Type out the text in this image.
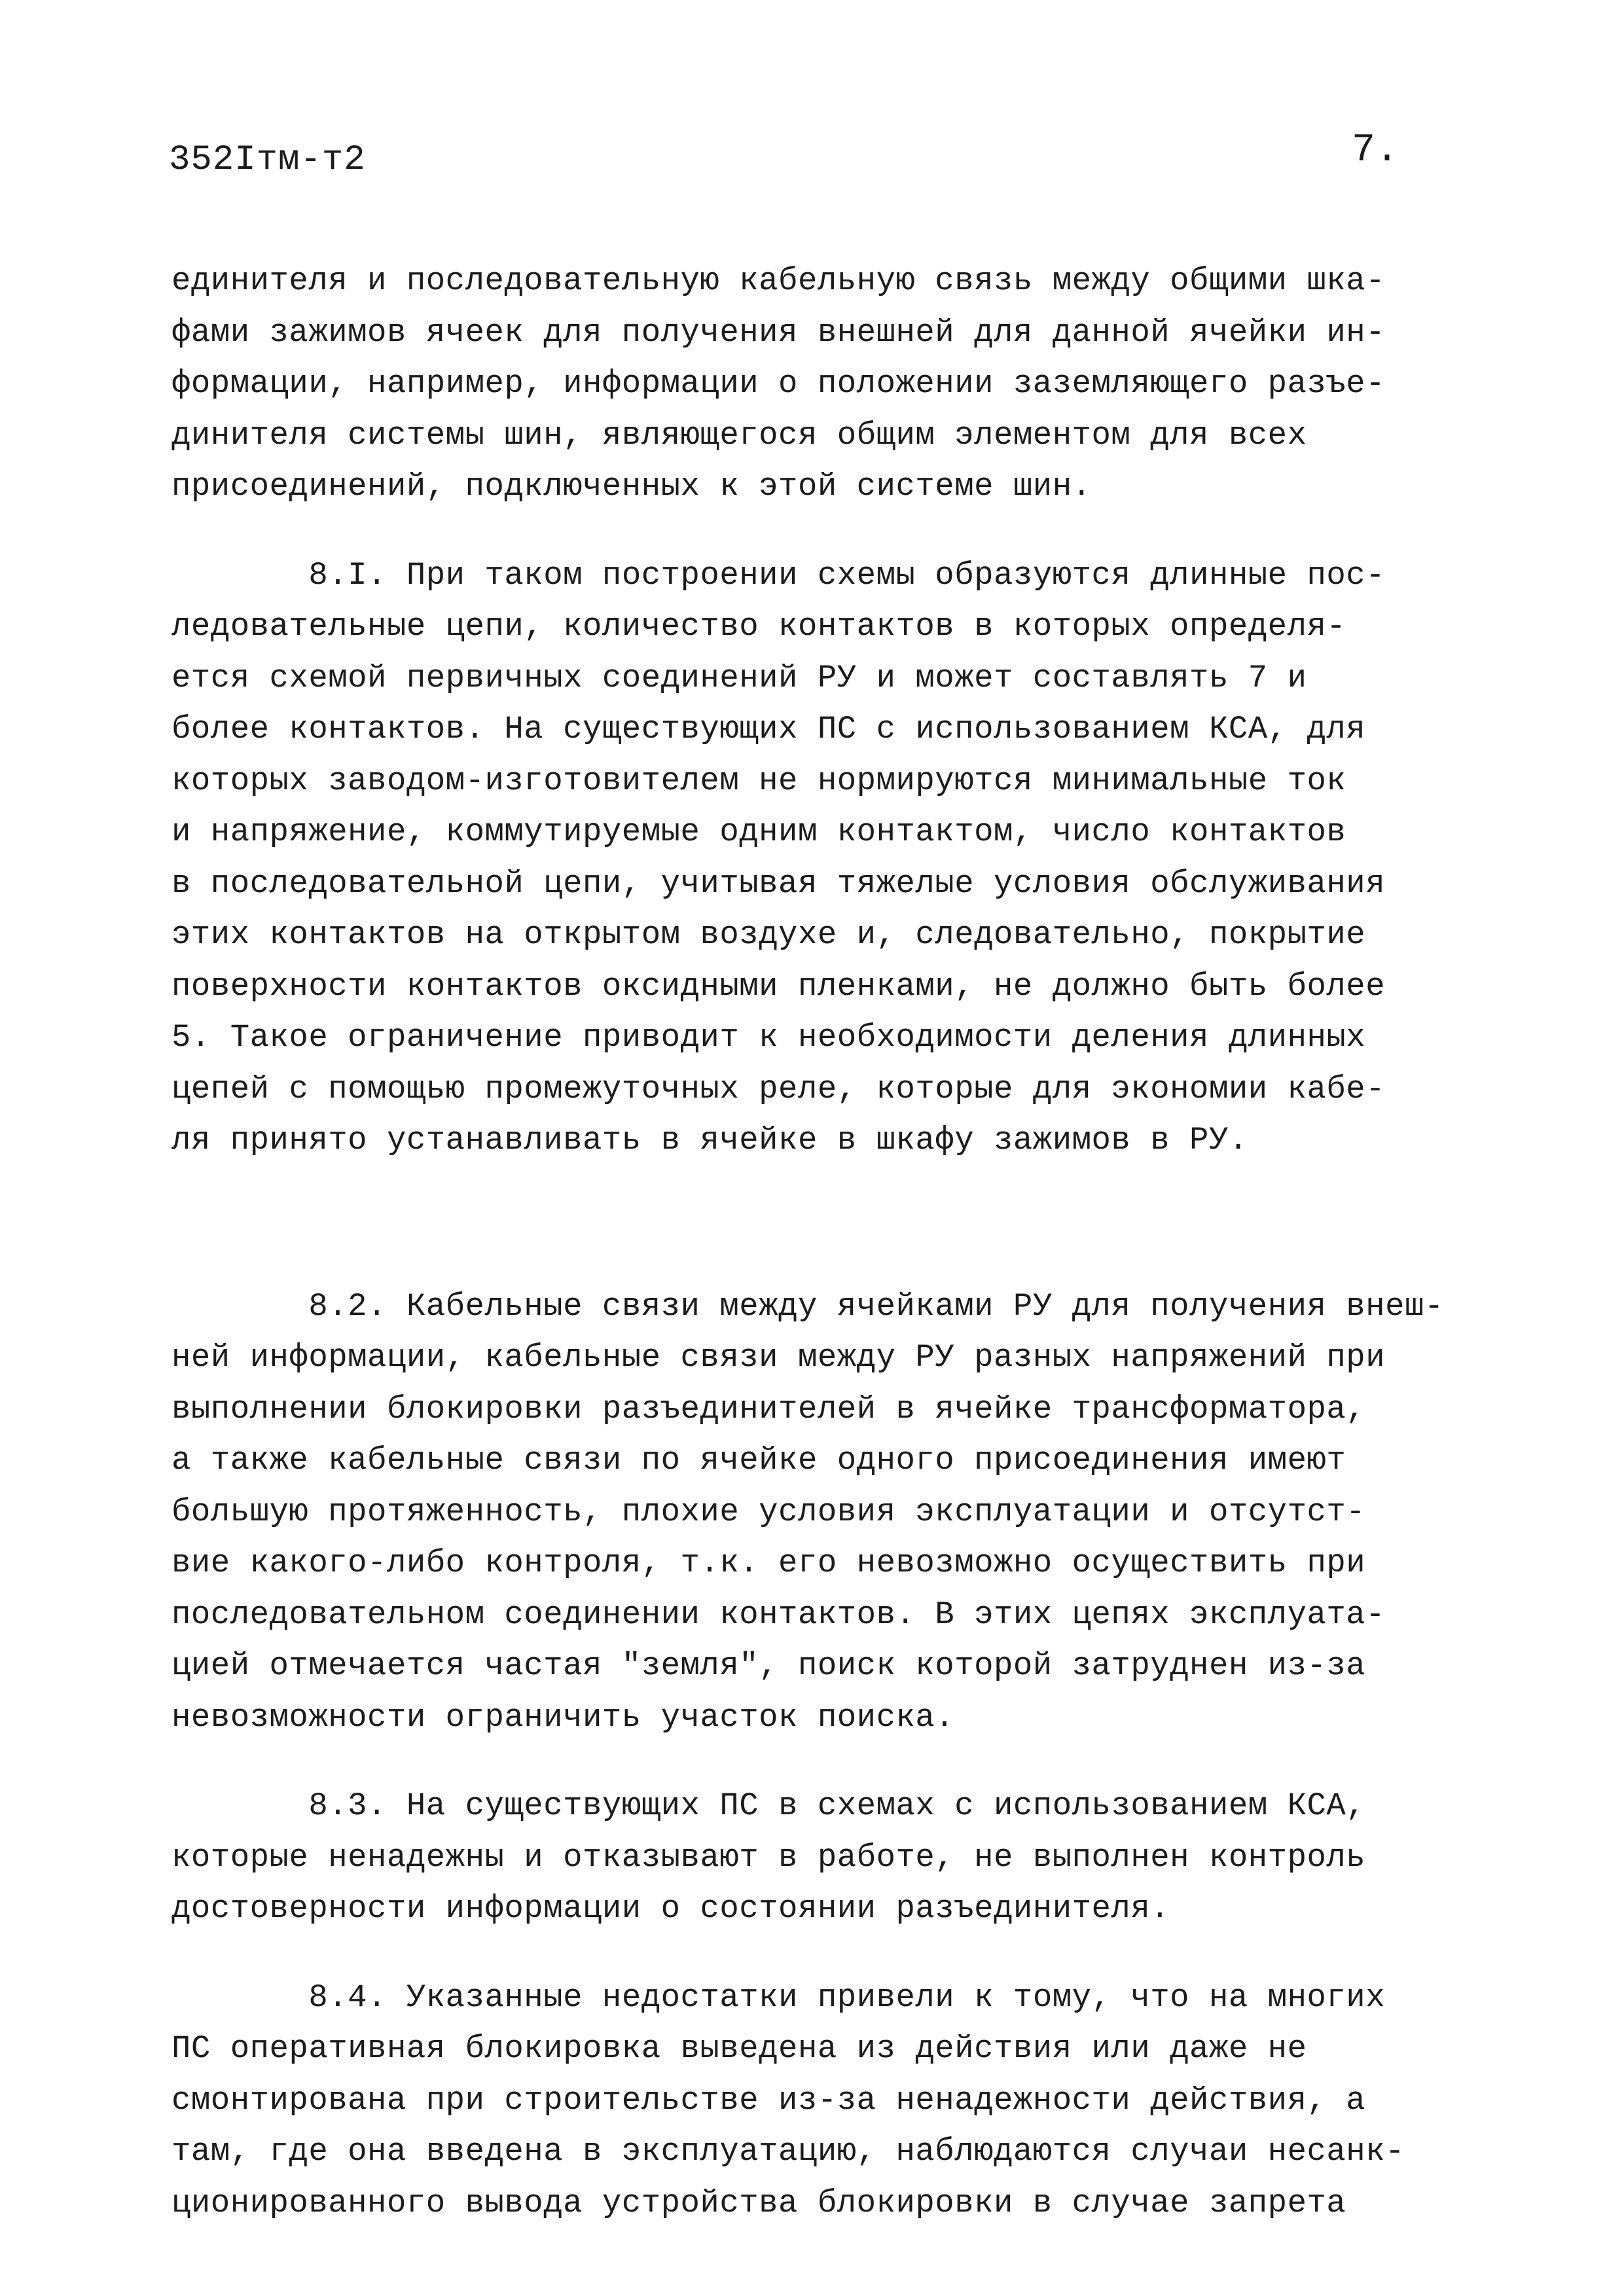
352Iтм-т2	7.
единителя и последовательную кабельную связь между общими шка-
фами зажимов ячеек для получения внешней для данной ячейки ин-
формации, например, информации о положении заземляющего разъе-
динителя системы шин, являющегося общим элементом для всех
присоединений, подключенных к этой системе шин.
8.I. При таком построении схемы образуются длинные пос-
ледовательные цепи, количество контактов в которых определя-
ется схемой первичных соединений РУ и может составлять 7 и
более контактов. На существующих ПС с использованием КСА, для
которых заводом-изготовителем не нормируются минимальные ток
и напряжение, коммутируемые одним контактом, число контактов
в последовательной цепи, учитывая тяжелые условия обслуживания
этих контактов на открытом воздухе и, следовательно, покрытие
поверхности контактов оксидными пленками, не должно быть более
5. Такое ограничение приводит к необходимости деления длинных
цепей с помощью промежуточных реле, которые для экономии кабе-
ля принято устанавливать в ячейке в шкафу зажимов в РУ.
8.2. Кабельные связи между ячейками РУ для получения внеш-
ней информации, кабельные связи между РУ разных напряжений при
выполнении блокировки разъединителей в ячейке трансформатора,
а также кабельные связи по ячейке одного присоединения имеют
большую протяженность, плохие условия эксплуатации и отсутст-
вие какого-либо контроля, т.к. его невозможно осуществить при
последовательном соединении контактов. В этих цепях эксплуата-
цией отмечается частая "земля", поиск которой затруднен из-за
невозможности ограничить участок поиска.
8.3. На существующих ПС в схемах с использованием КСА,
которые ненадежны и отказывают в работе, не выполнен контроль
достоверности информации о состоянии разъединителя.
8.4. Указанные недостатки привели к тому, что на многих
ПС оперативная блокировка выведена из действия или даже не
смонтирована при строительстве из-за ненадежности действия, а
там, где она введена в эксплуатацию, наблюдаются случаи несанк-
ционированного вывода устройства блокировки в случае запрета
